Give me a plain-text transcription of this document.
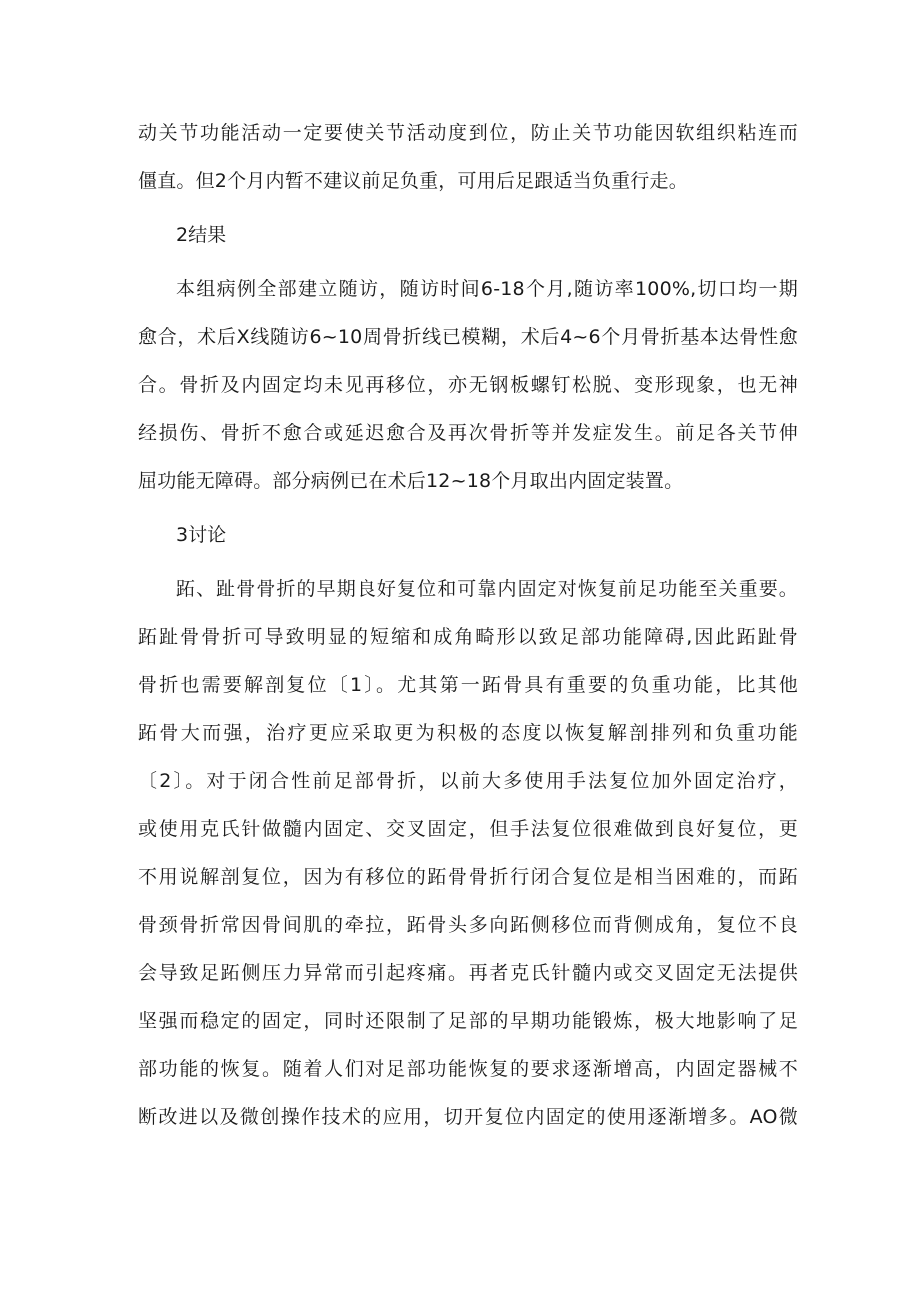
动关节功能活动一定要使关节活动度到位，防止关节功能因软组织粘连而
僵直。但2个月内暂不建议前足负重，可用后足跟适当负重行走。
2结果
本组病例全部建立随访，随访时间6-18个月,随访率100%,切口均一期
愈合，术后X线随访6~10周骨折线已模糊，术后4~6个月骨折基本达骨性愈
合。骨折及内固定均未见再移位，亦无钢板螺钉松脱、变形现象，也无神
经损伤、骨折不愈合或延迟愈合及再次骨折等并发症发生。前足各关节伸
屈功能无障碍。部分病例已在术后12~18个月取出内固定装置。
3讨论
跖、趾骨骨折的早期良好复位和可靠内固定对恢复前足功能至关重要。
跖趾骨骨折可导致明显的短缩和成角畸形以致足部功能障碍,因此跖趾骨
骨折也需要解剖复位〔1〕。尤其第一跖骨具有重要的负重功能，比其他
跖骨大而强，治疗更应采取更为积极的态度以恢复解剖排列和负重功能
〔2〕。对于闭合性前足部骨折，以前大多使用手法复位加外固定治疗，
或使用克氏针做髓内固定、交叉固定，但手法复位很难做到良好复位，更
不用说解剖复位，因为有移位的跖骨骨折行闭合复位是相当困难的，而跖
骨颈骨折常因骨间肌的牵拉，跖骨头多向跖侧移位而背侧成角，复位不良
会导致足跖侧压力异常而引起疼痛。再者克氏针髓内或交叉固定无法提供
坚强而稳定的固定，同时还限制了足部的早期功能锻炼，极大地影响了足
部功能的恢复。随着人们对足部功能恢复的要求逐渐增高，内固定器械不
断改进以及微创操作技术的应用，切开复位内固定的使用逐渐增多。AO微
